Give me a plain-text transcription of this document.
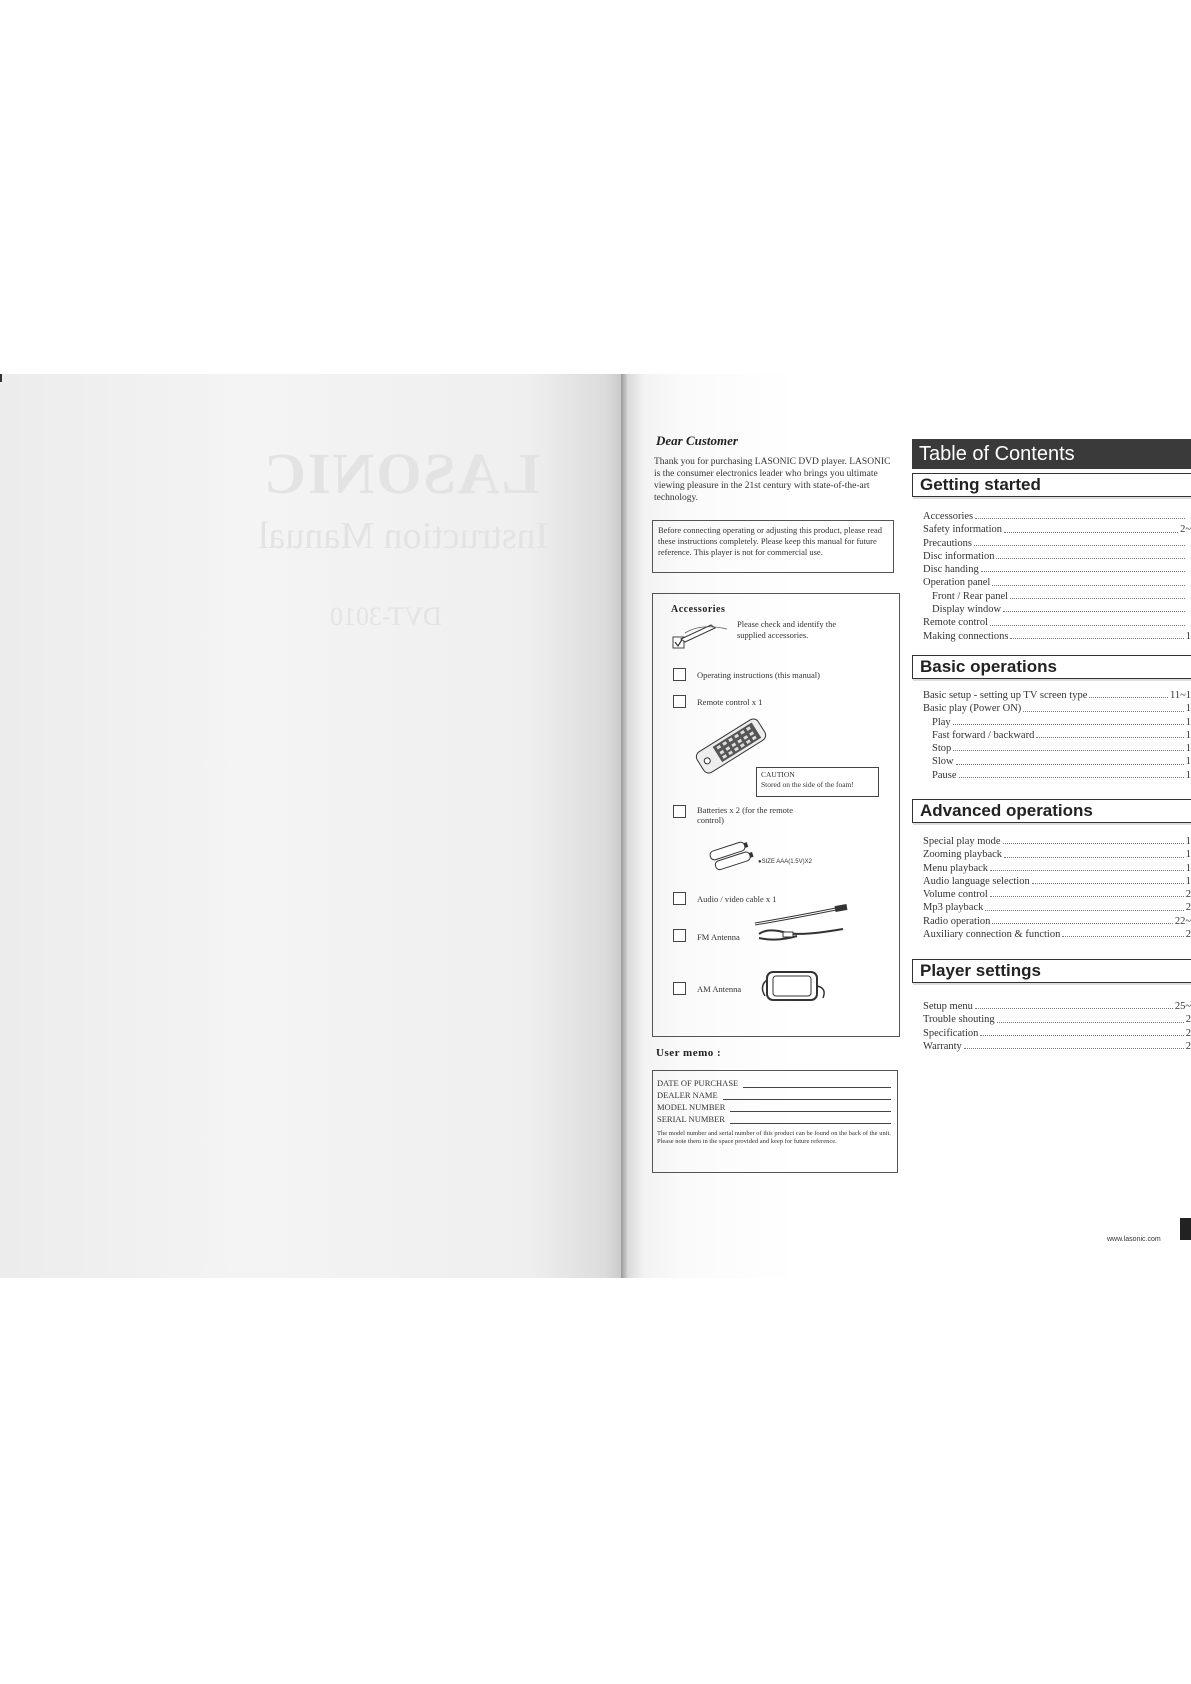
LASONIC
Instruction Manual
DVT-3010
Dear Customer
Thank you for purchasing LASONIC DVD player. LASONIC is the consumer electronics leader who brings you ultimate viewing pleasure in the 21st century with state-of-the-art technology.
Before connecting operating or adjusting this product, please read these instructions completely. Please keep this manual for future reference. This player is not for commercial use.
Accessories
Please check and identify the supplied accessories.
Operating instructions (this manual)
Remote control x 1
CAUTION
Stored on the side of the foam!
Batteries x 2 (for the remote control)
●SIZE AAA(1.5V)X2
Audio / video cable x 1
FM Antenna
AM Antenna
User memo :
DATE OF PURCHASE
DEALER NAME
MODEL NUMBER
SERIAL NUMBER
The model number and serial number of this product can be found on the back of the unit. Please note them in the space provided and keep for future reference.
Table of Contents
Getting started
Accessories
Safety information	2~
Precautions
Disc information
Disc handing
Operation panel
Front / Rear panel
Display window
Remote control
Making connections	1
Basic operations
Basic setup - setting up TV screen type	11~1
Basic play (Power ON)	1
Play	1
Fast forward / backward	1
Stop	1
Slow	1
Pause	1
Advanced operations
Special play mode	1
Zooming playback	1
Menu playback	1
Audio language selection	1
Volume control	2
Mp3 playback	2
Radio operation	22~
Auxiliary connection & function	2
Player settings
Setup menu	25~
Trouble shouting	2
Specification	2
Warranty	2
www.lasonic.com
